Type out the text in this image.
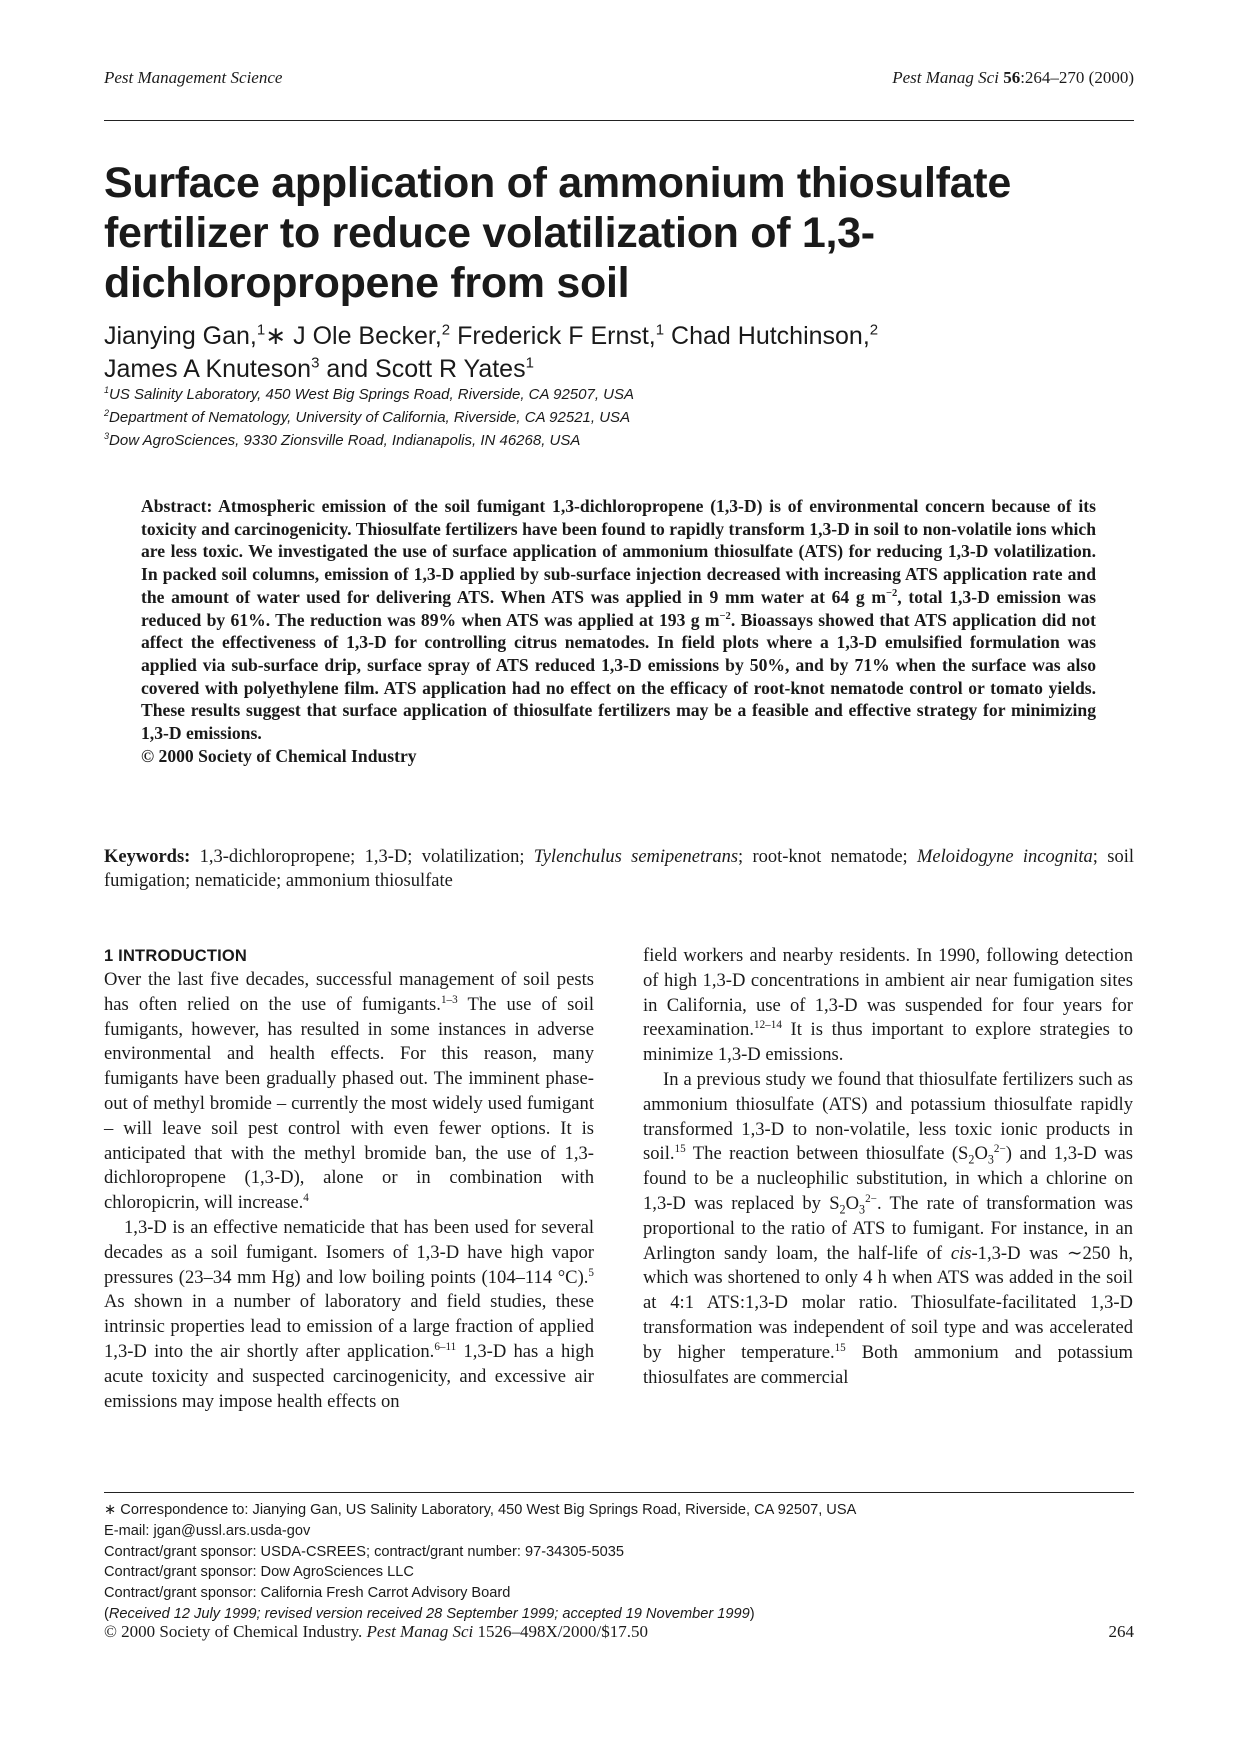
Pest Management Science	Pest Manag Sci 56:264–270 (2000)
Surface application of ammonium thiosulfate fertilizer to reduce volatilization of 1,3-dichloropropene from soil
Jianying Gan,$^1$∗ J Ole Becker,$^2$ Frederick F Ernst,$^1$ Chad Hutchinson,$^2$
James A Knuteson$^3$ and Scott R Yates$^1$
$^1$US Salinity Laboratory, 450 West Big Springs Road, Riverside, CA 92507, USA
$^2$Department of Nematology, University of California, Riverside, CA 92521, USA
$^3$Dow AgroSciences, 9330 Zionsville Road, Indianapolis, IN 46268, USA
Abstract: Atmospheric emission of the soil fumigant 1,3-dichloropropene (1,3-D) is of environmental concern because of its toxicity and carcinogenicity. Thiosulfate fertilizers have been found to rapidly transform 1,3-D in soil to non-volatile ions which are less toxic. We investigated the use of surface application of ammonium thiosulfate (ATS) for reducing 1,3-D volatilization. In packed soil columns, emission of 1,3-D applied by sub-surface injection decreased with increasing ATS application rate and the amount of water used for delivering ATS. When ATS was applied in 9 mm water at 64 g $m^{-2}$, total 1,3-D emission was reduced by 61%. The reduction was 89% when ATS was applied at 193 g $m^{-2}$. Bioassays showed that ATS application did not affect the effectiveness of 1,3-D for controlling citrus nematodes. In field plots where a 1,3-D emulsified formulation was applied via sub-surface drip, surface spray of ATS reduced 1,3-D emissions by 50%, and by 71% when the surface was also covered with polyethylene film. ATS application had no effect on the efficacy of root-knot nematode control or tomato yields. These results suggest that surface application of thiosulfate fertilizers may be a feasible and effective strategy for minimizing 1,3-D emissions.
© 2000 Society of Chemical Industry
Keywords: 1,3-dichloropropene; 1,3-D; volatilization; Tylenchulus semipenetrans; root-knot nematode; Meloidogyne incognita; soil fumigation; nematicide; ammonium thiosulfate
1 INTRODUCTION

Over the last five decades, successful management of soil pests has often relied on the use of fumigants.$^{1-3}$ The use of soil fumigants, however, has resulted in some instances in adverse environmental and health effects. For this reason, many fumigants have been gradually phased out. The imminent phase-out of methyl bromide – currently the most widely used fumigant – will leave soil pest control with even fewer options. It is anticipated that with the methyl bromide ban, the use of 1,3-dichloropropene (1,3-D), alone or in combination with chloropicrin, will increase.$^4$

1,3-D is an effective nematicide that has been used for several decades as a soil fumigant. Isomers of 1,3-D have high vapor pressures (23–34 mm Hg) and low boiling points (104–114 °C).$^5$ As shown in a number of laboratory and field studies, these intrinsic properties lead to emission of a large fraction of applied 1,3-D into the air shortly after application.$^{6-11}$ 1,3-D has a high acute toxicity and suspected carcinogenicity, and excessive air emissions may impose health effects on

field workers and nearby residents. In 1990, following detection of high 1,3-D concentrations in ambient air near fumigation sites in California, use of 1,3-D was suspended for four years for reexamination.$^{12-14}$ It is thus important to explore strategies to minimize 1,3-D emissions.

In a previous study we found that thiosulfate fertilizers such as ammonium thiosulfate (ATS) and potassium thiosulfate rapidly transformed 1,3-D to non-volatile, less toxic ionic products in soil.$^{15}$ The reaction between thiosulfate $(S_2O_3^{2-})$ and 1,3-D was found to be a nucleophilic substitution, in which a chlorine on 1,3-D was replaced by $S_2O_3^{2-}$. The rate of transformation was proportional to the ratio of ATS to fumigant. For instance, in an Arlington sandy loam, the half-life of cis-1,3-D was ∼250 h, which was shortened to only 4 h when ATS was added in the soil at 4:1 ATS:1,3-D molar ratio. Thiosulfate-facilitated 1,3-D transformation was independent of soil type and was accelerated by higher temperature.$^{15}$ Both ammonium and potassium thiosulfates are commercial

∗ Correspondence to: Jianying Gan, US Salinity Laboratory, 450 West Big Springs Road, Riverside, CA 92507, USA
E-mail: jgan@ussl.ars.usda-gov
Contract/grant sponsor: USDA-CSREES; contract/grant number: 97-34305-5035
Contract/grant sponsor: Dow AgroSciences LLC
Contract/grant sponsor: California Fresh Carrot Advisory Board
(Received 12 July 1999; revised version received 28 September 1999; accepted 19 November 1999)
© 2000 Society of Chemical Industry. Pest Manag Sci 1526–498X/2000/$17.50	264
